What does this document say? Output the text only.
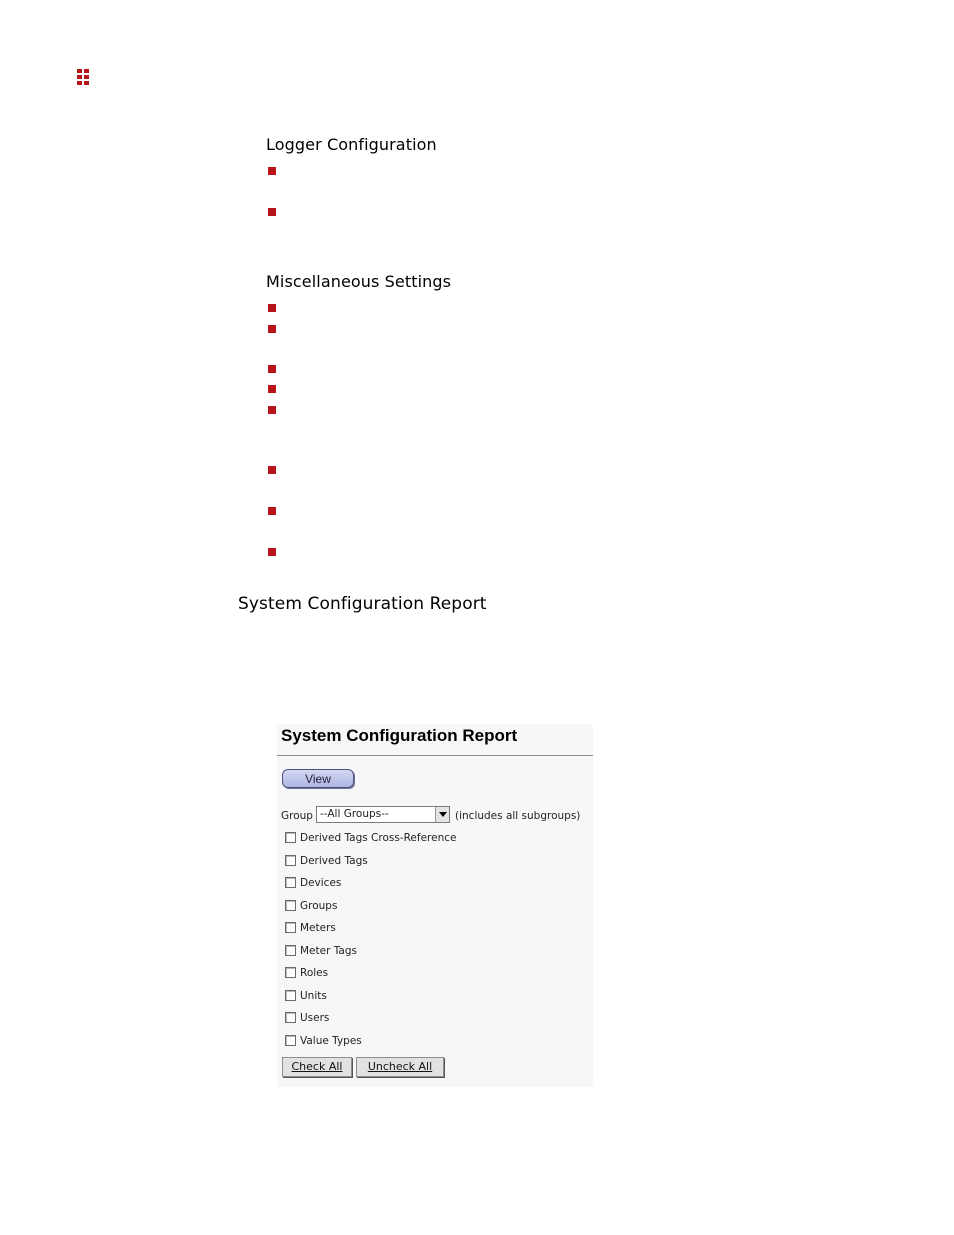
Logger Configuration
Miscellaneous Settings
System Configuration Report
System Configuration Report
View
Group --All Groups--	(includes all subgroups)
Derived Tags Cross-Reference
Derived Tags
Devices
Groups
Meters
Meter Tags
Roles
Units
Users
Value Types
Check All	Uncheck All
